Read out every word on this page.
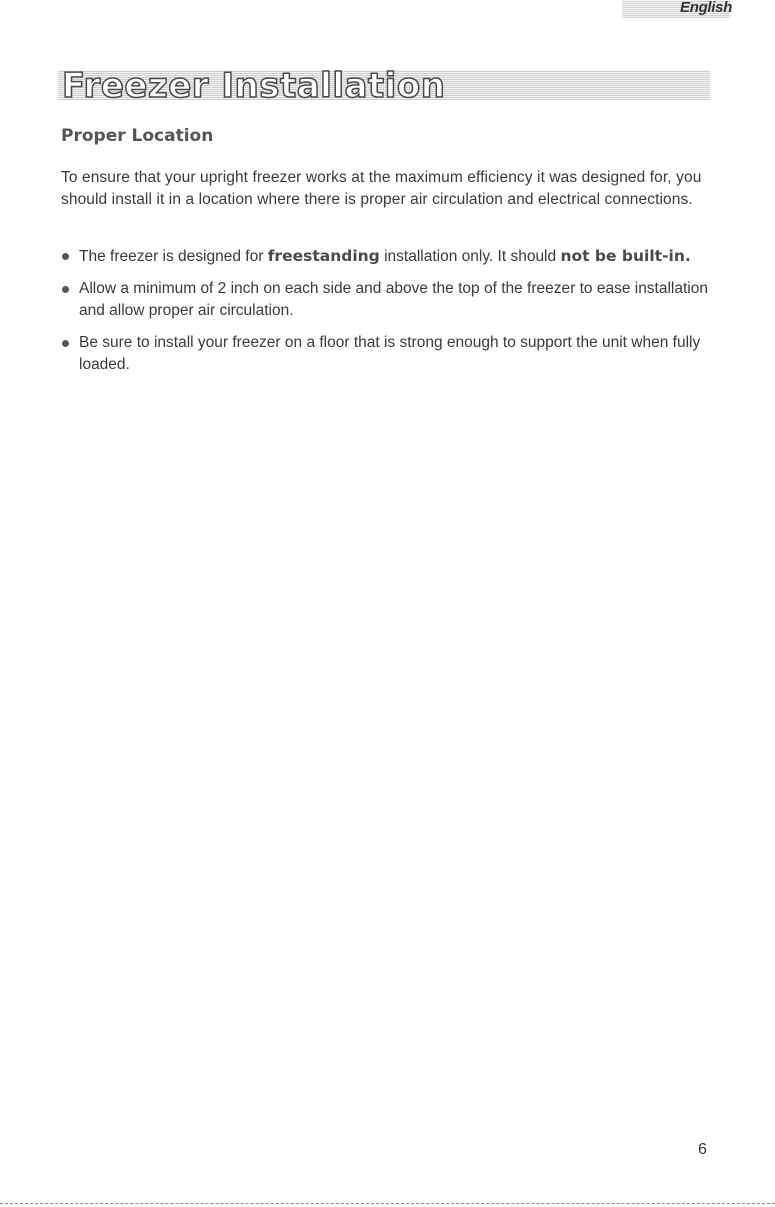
English
Freezer Installation
Proper Location

To ensure that your upright freezer works at the maximum efficiency it was designed for, you should install it in a location where there is proper air circulation and electrical connections.

The freezer is designed for freestanding installation only. It should not be built-in.
Allow a minimum of 2 inch on each side and above the top of the freezer to ease installation and allow proper air circulation.
Be sure to install your freezer on a floor that is strong enough to support the unit when fully loaded.
6
